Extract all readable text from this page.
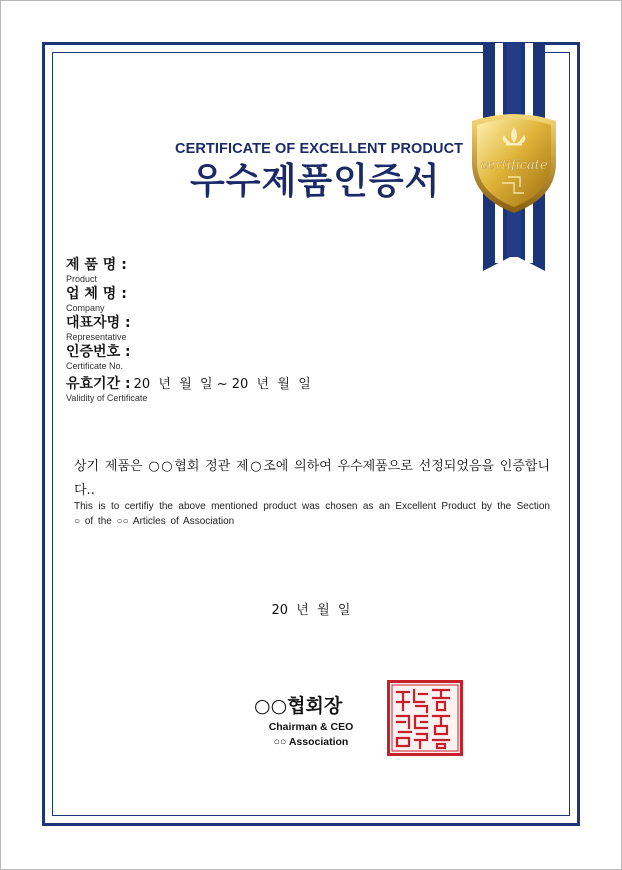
certificate
CERTIFICATE OF EXCELLENT PRODUCT
우수제품인증서
제 품 명 :
Product
업 체 명 :
Company
대표자명 :
Representative
인증번호 :
Certificate No.
유효기간 : 20  년  월  일 ~ 20  년  월  일
Validity of Certificate
상기 제품은 ○○협회 정관 제○조에 의하여 우수제품으로 선정되었음을 인증합니다..
This is to certifiy the above mentioned product was chosen as an Excellent Product by the Section ○ of the ○○ Articles of Association
20  년  월  일
○○협회장
Chairman & CEO
○○ Association
